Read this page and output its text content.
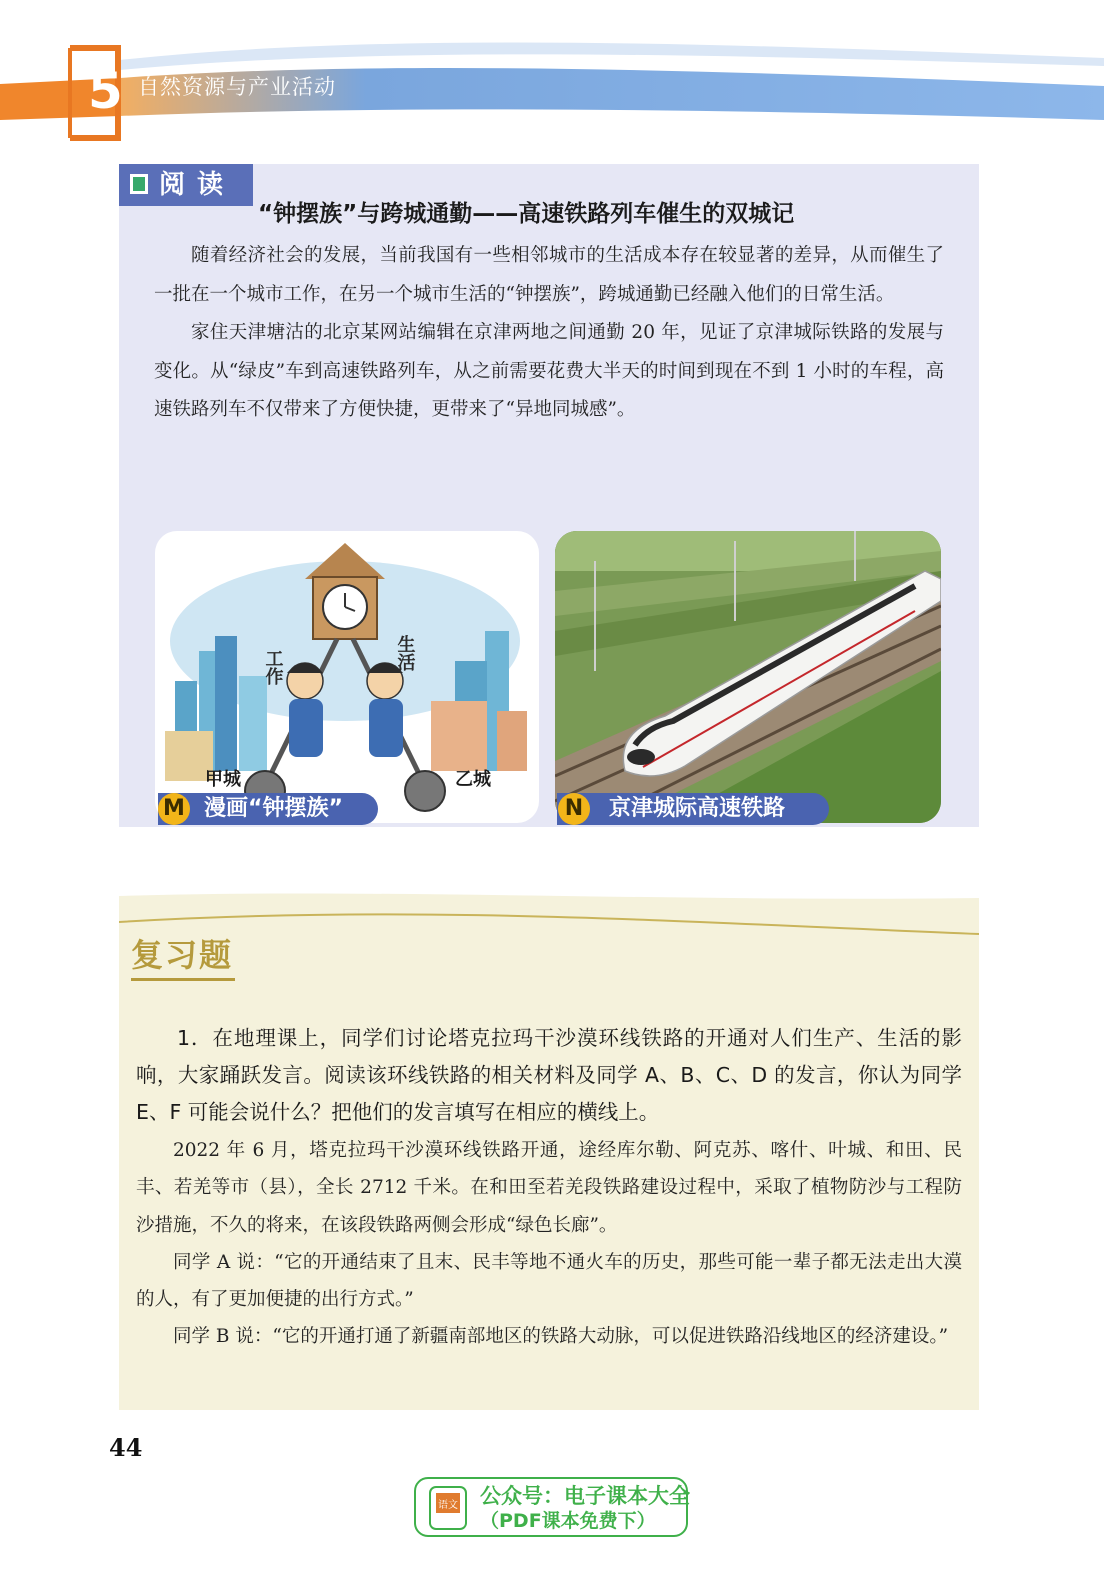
5 自然资源与产业活动
阅读
“钟摆族”与跨城通勤——高速铁路列车催生的双城记

随着经济社会的发展，当前我国有一些相邻城市的生活成本存在较显著的差异，从而催生了一批在一个城市工作，在另一个城市生活的“钟摆族”，跨城通勤已经融入他们的日常生活。

家住天津塘沽的北京某网站编辑在京津两地之间通勤 20 年，见证了京津城际铁路的发展与变化。从“绿皮”车到高速铁路列车，从之前需要花费大半天的时间到现在不到 1 小时的车程，高速铁路列车不仅带来了方便快捷，更带来了“异地同城感”。

工作	生活
甲城	乙城
漫画“钟摆族”
M	京津城际高速铁路
N
复习题

1．在地理课上，同学们讨论塔克拉玛干沙漠环线铁路的开通对人们生产、生活的影响，大家踊跃发言。阅读该环线铁路的相关材料及同学 A、B、C、D 的发言，你认为同学 E、F 可能会说什么？把他们的发言填写在相应的横线上。

2022 年 6 月，塔克拉玛干沙漠环线铁路开通，途经库尔勒、阿克苏、喀什、叶城、和田、民丰、若羌等市（县），全长 2712 千米。在和田至若羌段铁路建设过程中，采取了植物防沙与工程防沙措施，不久的将来，在该段铁路两侧会形成“绿色长廊”。

同学 A 说：“它的开通结束了且末、民丰等地不通火车的历史，那些可能一辈子都无法走出大漠的人，有了更加便捷的出行方式。”

同学 B 说：“它的开通打通了新疆南部地区的铁路大动脉，可以促进铁路沿线地区的经济建设。”

44
语文 公众号：电子课本大全
（PDF课本免费下）
